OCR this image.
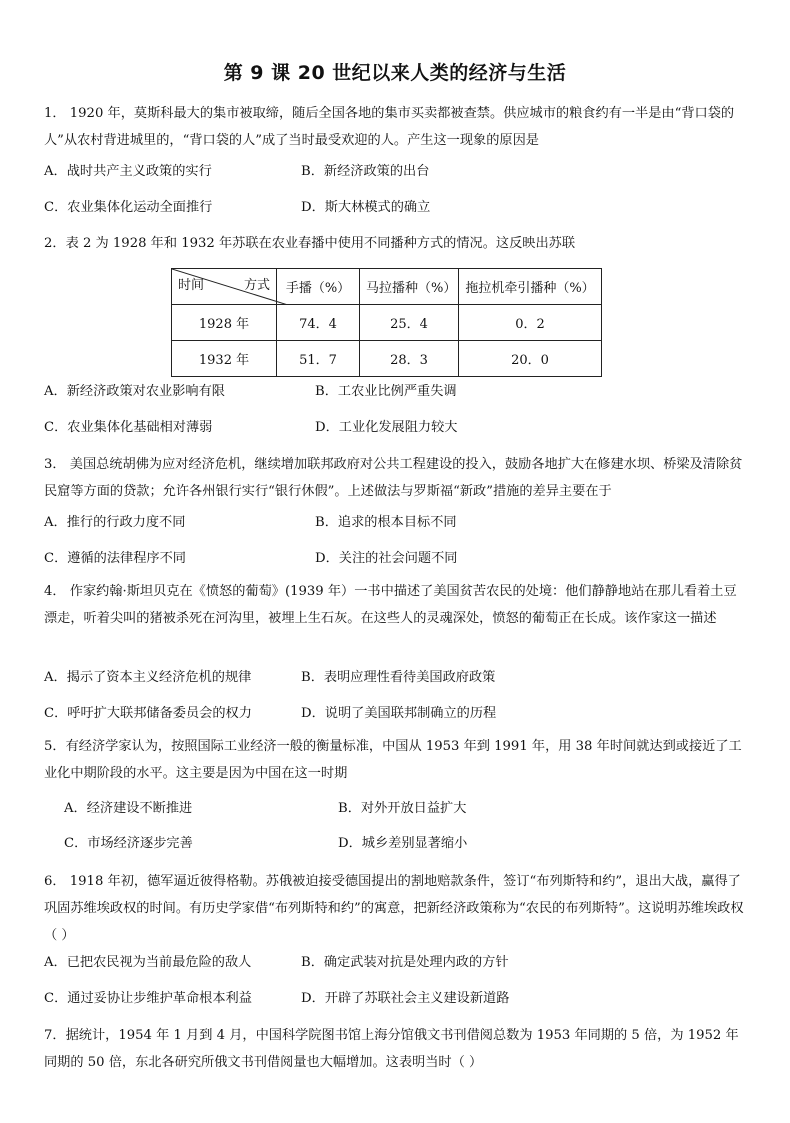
第 9 课 20 世纪以来人类的经济与生活
1． 1920 年，莫斯科最大的集市被取缔，随后全国各地的集市买卖都被查禁。供应城市的粮食约有一半是由“背口袋的人”从农村背进城里的，“背口袋的人”成了当时最受欢迎的人。产生这一现象的原因是
A．战时共产主义政策的实行	B．新经济政策的出台
C．农业集体化运动全面推行	D．斯大林模式的确立
2．表 2 为 1928 年和 1932 年苏联在农业春播中使用不同播种方式的情况。这反映出苏联
时间 方式	手播（%）	马拉播种（%）	拖拉机牵引播种（%）
1928 年	74．4	25．4	0．2
1932 年	51．7	28．3	20．0
A．新经济政策对农业影响有限	B．工农业比例严重失调
C．农业集体化基础相对薄弱	D．工业化发展阻力较大
3． 美国总统胡佛为应对经济危机，继续增加联邦政府对公共工程建设的投入，鼓励各地扩大在修建水坝、桥梁及清除贫民窟等方面的贷款；允许各州银行实行“银行休假”。上述做法与罗斯福“新政”措施的差异主要在于
A．推行的行政力度不同	B．追求的根本目标不同
C．遵循的法律程序不同	D．关注的社会问题不同
4． 作家约翰·斯坦贝克在《愤怒的葡萄》(1939 年）一书中描述了美国贫苦农民的处境：他们静静地站在那儿看着土豆漂走，听着尖叫的猪被杀死在河沟里，被埋上生石灰。在这些人的灵魂深处，愤怒的葡萄正在长成。该作家这一描述
A．揭示了资本主义经济危机的规律	B．表明应理性看待美国政府政策
C．呼吁扩大联邦储备委员会的权力	D．说明了美国联邦制确立的历程
5．有经济学家认为，按照国际工业经济一般的衡量标准，中国从 1953 年到 1991 年，用 38 年时间就达到或接近了工业化中期阶段的水平。这主要是因为中国在这一时期
A．经济建设不断推进	B．对外开放日益扩大
C．市场经济逐步完善	D．城乡差别显著缩小
6． 1918 年初，德军逼近彼得格勒。苏俄被迫接受德国提出的割地赔款条件，签订“布列斯特和约”，退出大战，赢得了巩固苏维埃政权的时间。有历史学家借“布列斯特和约”的寓意，把新经济政策称为“农民的布列斯特”。这说明苏维埃政权（ ）
A．已把农民视为当前最危险的敌人	B．确定武装对抗是处理内政的方针
C．通过妥协让步维护革命根本利益	D．开辟了苏联社会主义建设新道路
7．据统计，1954 年 1 月到 4 月，中国科学院图书馆上海分馆俄文书刊借阅总数为 1953 年同期的 5 倍，为 1952 年同期的 50 倍，东北各研究所俄文书刊借阅量也大幅增加。这表明当时（ ）
